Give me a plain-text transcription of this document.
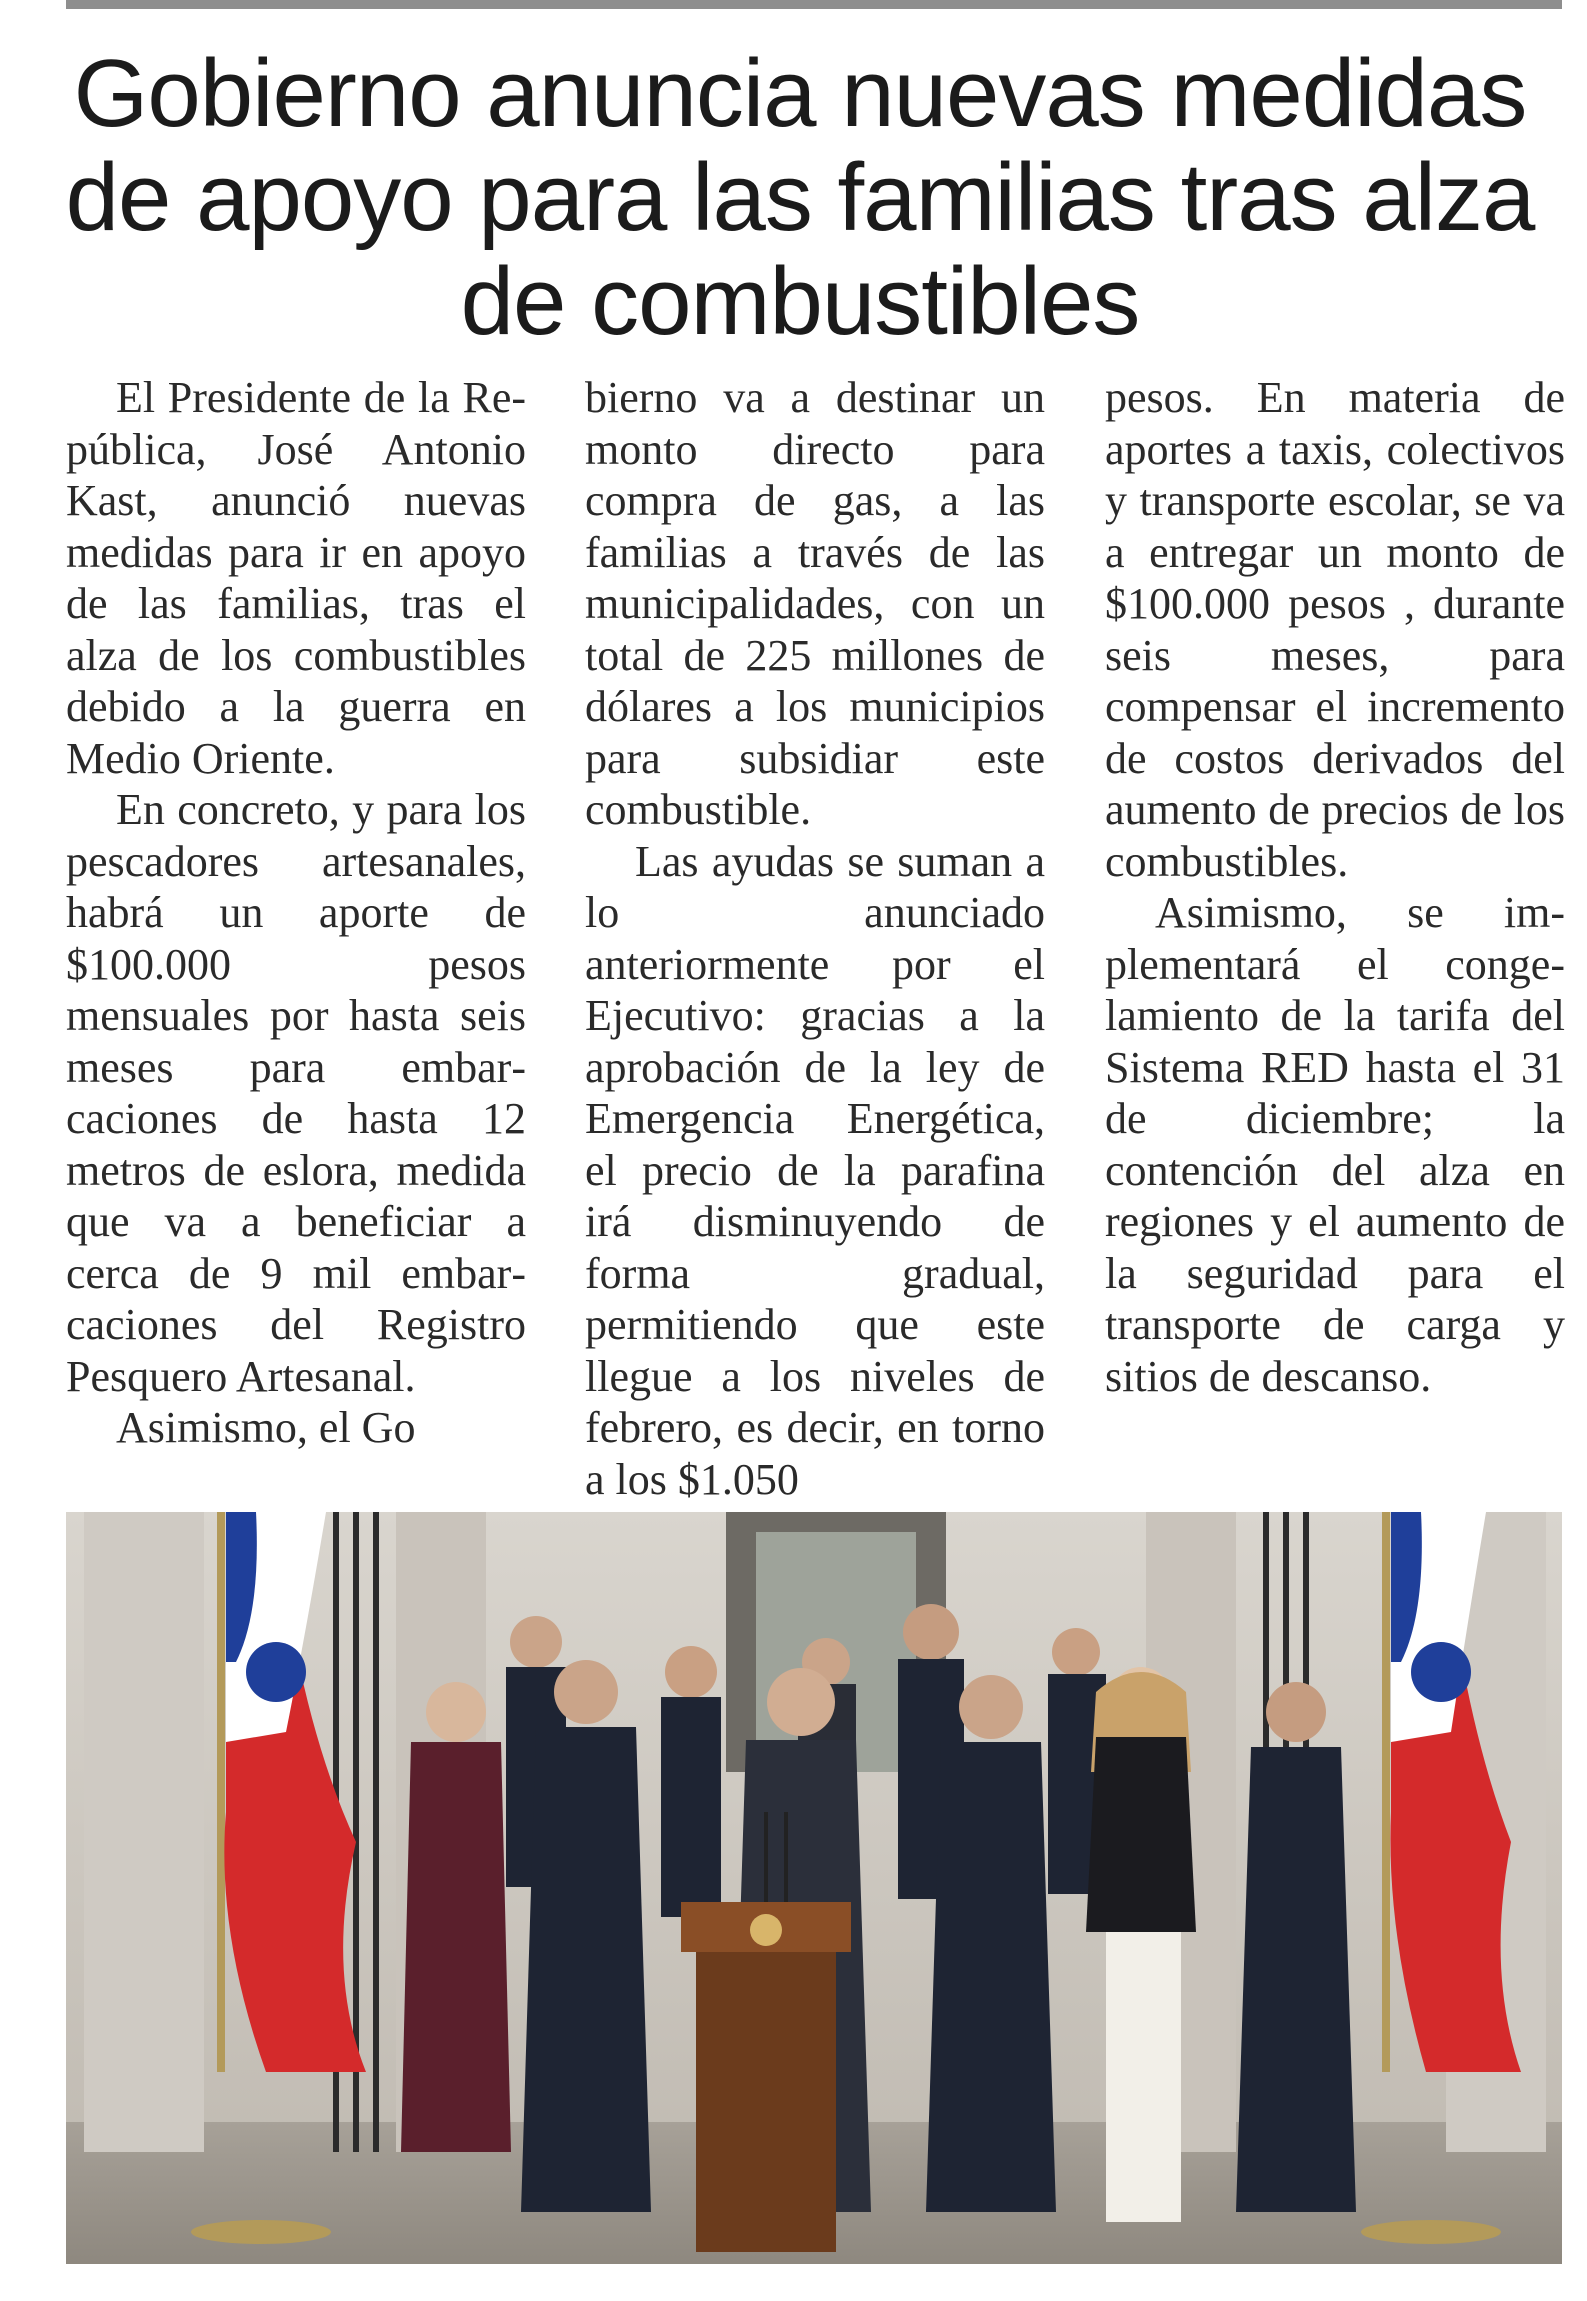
Gobierno anuncia nuevas medidas de apoyo para las familias tras alza de combustibles

El Presidente de la República, José Antonio Kast, anunció nuevas medidas para ir en apoyo de las familias, tras el alza de los combustibles debido a la guerra en Medio Oriente.

En concreto, y para los pescadores artesanales, habrá un aporte de $100.000 pesos mensuales por hasta seis meses para embarcaciones de hasta 12 metros de eslora, medida que va a beneficiar a cerca de 9 mil embarcaciones del Registro Pesquero Artesanal.

Asimismo, el Go

bierno va a destinar un monto directo para compra de gas, a las familias a través de las municipalidades, con un total de 225 millones de dólares a los municipios para subsidiar este combustible.

Las ayudas se suman a lo anunciado anteriormente por el Ejecutivo: gracias a la aprobación de la ley de Emergencia Energética, el precio de la parafina irá disminuyendo de forma gradual, permitiendo que este llegue a los niveles de febrero, es decir, en torno a los $1.050

pesos. En materia de aportes a taxis, colectivos y transporte escolar, se va a entregar un monto de $100.000 pesos , durante seis meses, para compensar el incremento de costos derivados del aumento de precios de los combustibles.

Asimismo, se implementará el congelamiento de la tarifa del Sistema RED hasta el 31 de diciembre; la contención del alza en regiones y el aumento de la seguridad para el transporte de carga y sitios de descanso.
